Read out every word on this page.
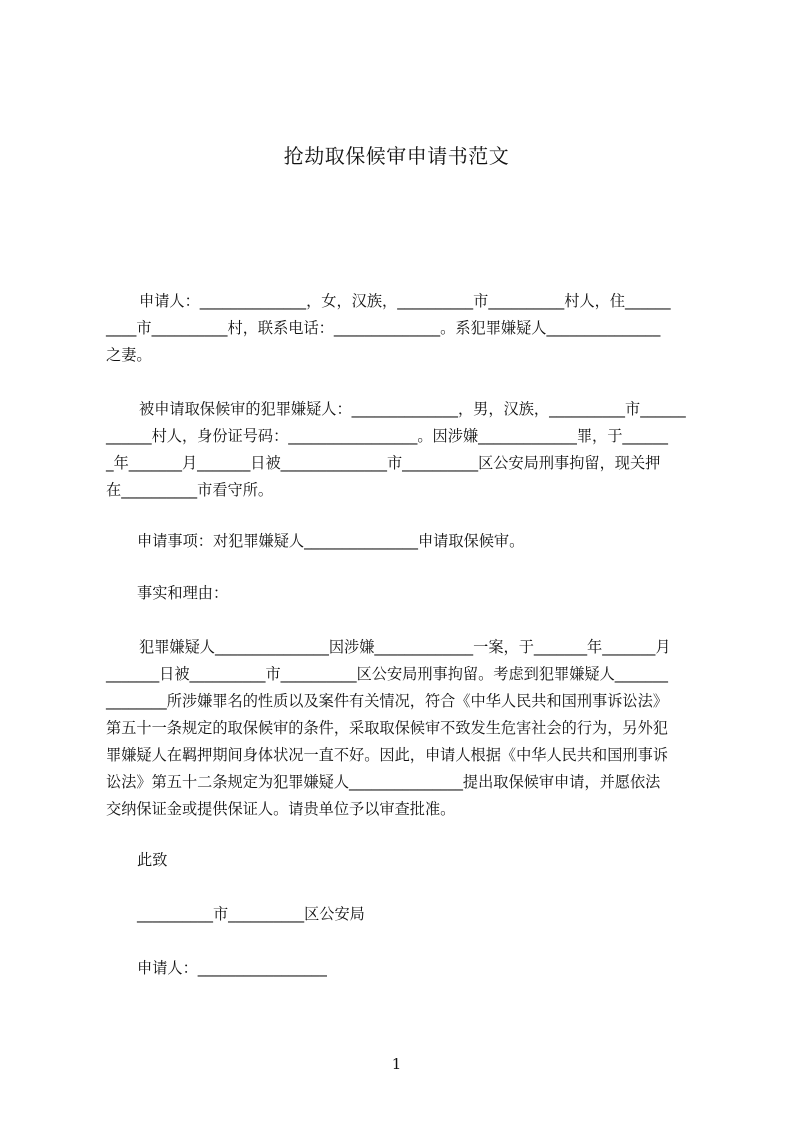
抢劫取保候审申请书范文
申请人：______________，女，汉族，__________市__________村人，住______
____市__________村，联系电话：______________。系犯罪嫌疑人_______________
之妻。
被申请取保候审的犯罪嫌疑人：______________，男，汉族，__________市______
______村人，身份证号码：_________________。因涉嫌_____________罪，于______
_年_______月_______日被______________市__________区公安局刑事拘留，现关押
在__________市看守所。
申请事项：对犯罪嫌疑人_______________申请取保候审。
事实和理由：
犯罪嫌疑人_______________因涉嫌_____________一案，于_______年_______月
_______日被__________市__________区公安局刑事拘留。考虑到犯罪嫌疑人_______
________所涉嫌罪名的性质以及案件有关情况，符合《中华人民共和国刑事诉讼法》
第五十一条规定的取保候审的条件，采取取保候审不致发生危害社会的行为，另外犯
罪嫌疑人在羁押期间身体状况一直不好。因此，申请人根据《中华人民共和国刑事诉
讼法》第五十二条规定为犯罪嫌疑人_______________提出取保候审申请，并愿依法
交纳保证金或提供保证人。请贵单位予以审查批准。
此致
__________市__________区公安局
申请人：_________________
1
